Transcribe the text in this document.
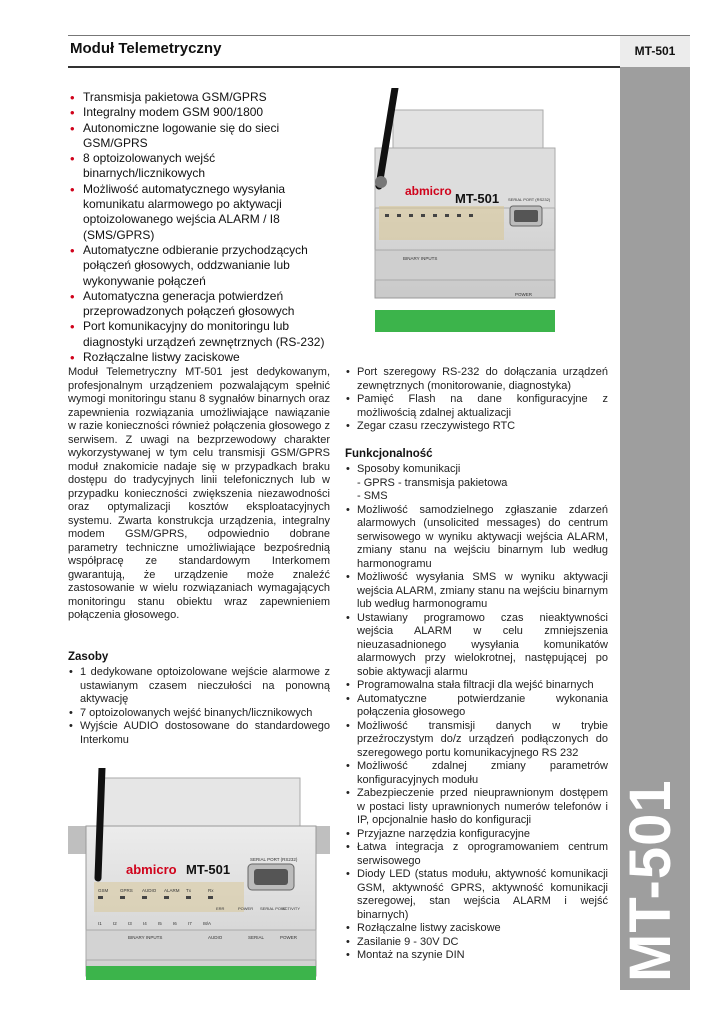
Moduł Telemetryczny	MT-501
MT-501
• Transmisja pakietowa GSM/GPRS
• Integralny modem GSM 900/1800
• Autonomiczne logowanie się do sieci GSM/GPRS
• 8 optoizolowanych wejść binarnych/licznikowych
• Możliwość automatycznego wysyłania komunikatu alarmowego po aktywacji optoizolowanego wejścia ALARM / I8 (SMS/GPRS)
• Automatyczne odbieranie przychodzących połączeń głosowych, oddzwanianie lub wykonywanie połączeń
• Automatyczna generacja potwierdzeń przeprowadzonych połączeń głosowych
• Port komunikacyjny do monitoringu lub diagnostyki urządzeń zewnętrznych (RS-232)
• Rozłączalne listwy zaciskowe
abmicro MT-501 SERIAL PORT (RS232)
BINARY INPUTS
POWER

Moduł Telemetryczny MT-501 jest dedykowanym, profesjonalnym urządzeniem pozwalającym spełnić wymogi monitoringu stanu 8 sygnałów binarnych oraz zapewnienia rozwiązania umożliwiające nawiązanie w razie konieczności również połączenia głosowego z serwisem. Z uwagi na bezprzewodowy charakter wykorzystywanej w tym celu transmisji GSM/GPRS moduł znakomicie nadaje się w przypadkach braku dostępu do tradycyjnych linii telefonicznych lub w przypadku konieczności zwiększenia niezawodności oraz optymalizacji kosztów eksploatacyjnych systemu. Zwarta konstrukcja urządzenia, integralny modem GSM/GPRS, odpowiednio dobrane parametry techniczne umożliwiające bezpośrednią współpracę ze standardowym Interkomem gwarantują, że urządzenie może znaleźć zastosowanie w wielu rozwiązaniach wymagających monitoringu stanu obiektu wraz zapewnieniem połączenia głosowego.

Zasoby
• 1 dedykowane optoizolowane wejście alarmowe z ustawianym czasem nieczułości na ponowną aktywację
• 7 optoizolowanych wejść binanych/licznikowych
• Wyjście AUDIO dostosowane do standardowego Interkomu
• Port szeregowy RS-232 do dołączania urządzeń zewnętrznych (monitorowanie, diagnostyka)
• Pamięć Flash na dane konfiguracyjne z możliwością zdalnej aktualizacji
• Zegar czasu rzeczywistego RTC
Funkcjonalność
• Sposoby komunikacji
- GPRS - transmisja pakietowa
- SMS
• Możliwość samodzielnego zgłaszanie zdarzeń alarmowych (unsolicited messages) do centrum serwisowego w wyniku aktywacji wejścia ALARM, zmiany stanu na wejściu binarnym lub według harmonogramu
• Możliwość wysyłania SMS w wyniku aktywacji wejścia ALARM, zmiany stanu na wejściu binarnym lub według harmonogramu
• Ustawiany programowo czas nieaktywności wejścia ALARM w celu zmniejszenia nieuzasadnionego wysyłania komunikatów alarmowych przy wielokrotnej, następującej po sobie aktywacji alarmu
• Programowalna stała filtracji dla wejść binarnych
• Automatyczne potwierdzanie wykonania połączenia głosowego
• Możliwość transmisji danych w trybie przeźroczystym do/z urządzeń podłączonych do szeregowego portu komunikacyjnego RS 232
• Możliwość zdalnej zmiany parametrów konfiguracyjnych modułu
• Zabezpieczenie przed nieuprawnionym dostępem w postaci listy uprawnionych numerów telefonów i IP, opcjonalnie hasło do konfiguracji
• Przyjazne narzędzia konfiguracyjne
• Łatwa integracja z oprogramowaniem centrum serwisowego
• Diody LED (status modułu, aktywność komunikacji GSM, aktywność GPRS, aktywność komunikacji szeregowej, stan wejścia ALARM i wejść binarnych)
• Rozłączalne listwy zaciskowe
• Zasilanie 9 - 30V DC
• Montaż na szynie DIN
abmicro MT-501
SERIAL PORT (RS232)
GSM	GPRS AUDIO ALARM Tx	Rx
ERR	POWER SERIAL PORT
ACTIVITY
BINARY INPUTS	AUDIO	SERIAL	POWER
I1 I2 I3 I4 I5 I6 I7 I8/A
